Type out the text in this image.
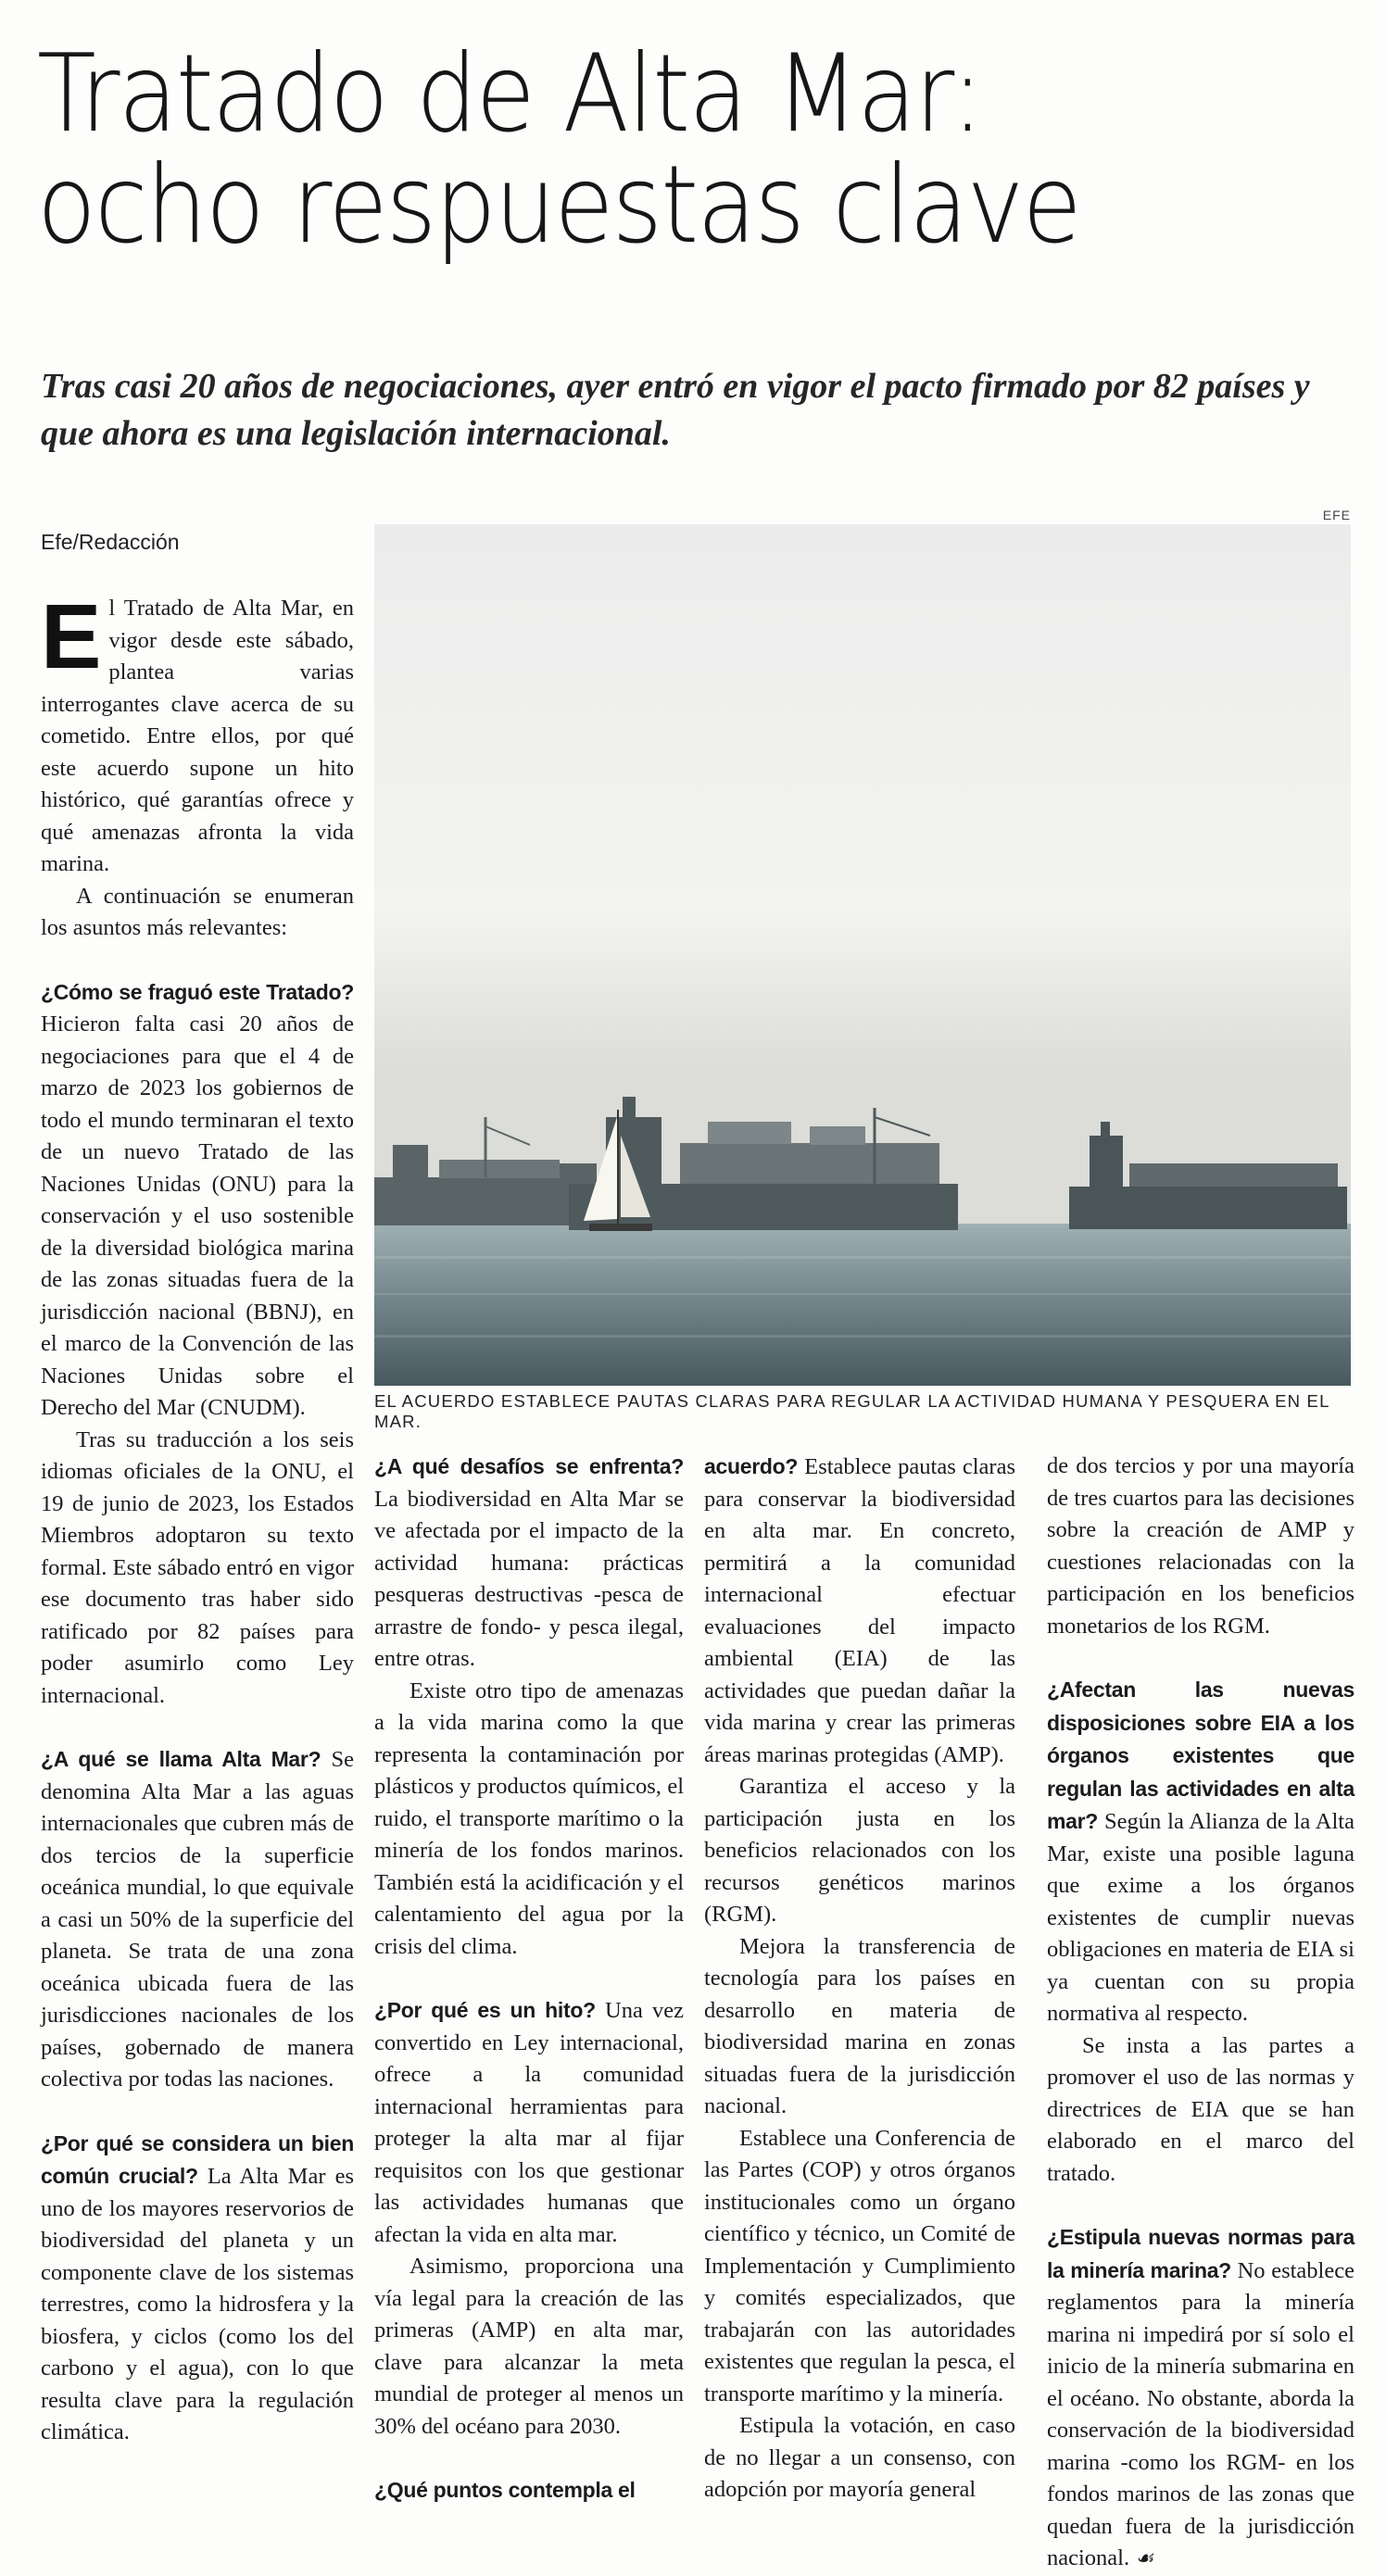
Tratado de Alta Mar:
ocho respuestas clave

Tras casi 20 años de negociaciones, ayer entró en vigor el pacto firmado por 82 países y que ahora es una legislación internacional.

Efe/Redacción

EFE

EL ACUERDO ESTABLECE PAUTAS CLARAS PARA REGULAR LA ACTIVIDAD HUMANA Y PESQUERA EN EL MAR.

El Tratado de Alta Mar, en vigor desde este sábado, plantea varias interrogantes clave acerca de su cometido. Entre ellos, por qué este acuerdo supone un hito histórico, qué garantías ofrece y qué amenazas afronta la vida marina.

A continuación se enumeran los asuntos más relevantes:

¿Cómo se fraguó este Tratado? Hicieron falta casi 20 años de negociaciones para que el 4 de marzo de 2023 los gobiernos de todo el mundo terminaran el texto de un nuevo Tratado de las Naciones Unidas (ONU) para la conservación y el uso sostenible de la diversidad biológica marina de las zonas situadas fuera de la jurisdicción nacional (BBNJ), en el marco de la Convención de las Naciones Unidas sobre el Derecho del Mar (CNUDM).

Tras su traducción a los seis idiomas oficiales de la ONU, el 19 de junio de 2023, los Estados Miembros adoptaron su texto formal. Este sábado entró en vigor ese documento tras haber sido ratificado por 82 países para poder asumirlo como Ley internacional.

¿A qué se llama Alta Mar? Se denomina Alta Mar a las aguas internacionales que cubren más de dos tercios de la superficie oceánica mundial, lo que equivale a casi un 50% de la superficie del planeta. Se trata de una zona oceánica ubicada fuera de las jurisdicciones nacionales de los países, gobernado de manera colectiva por todas las naciones.

¿Por qué se considera un bien común crucial? La Alta Mar es uno de los mayores reservorios de biodiversidad del planeta y un componente clave de los sistemas terrestres, como la hidrosfera y la biosfera, y ciclos (como los del carbono y el agua), con lo que resulta clave para la regulación climática.

¿A qué desafíos se enfrenta? La biodiversidad en Alta Mar se ve afectada por el impacto de la actividad humana: prácticas pesqueras destructivas -pesca de arrastre de fondo- y pesca ilegal, entre otras.

Existe otro tipo de amenazas a la vida marina como la que representa la contaminación por plásticos y productos químicos, el ruido, el transporte marítimo o la minería de los fondos marinos. También está la acidificación y el calentamiento del agua por la crisis del clima.

¿Por qué es un hito? Una vez convertido en Ley internacional, ofrece a la comunidad internacional herramientas para proteger la alta mar al fijar requisitos con los que gestionar las actividades humanas que afectan la vida en alta mar.

Asimismo, proporciona una vía legal para la creación de las primeras (AMP) en alta mar, clave para alcanzar la meta mundial de proteger al menos un 30% del océano para 2030.

¿Qué puntos contempla el

acuerdo? Establece pautas claras para conservar la biodiversidad en alta mar. En concreto, permitirá a la comunidad internacional efectuar evaluaciones del impacto ambiental (EIA) de las actividades que puedan dañar la vida marina y crear las primeras áreas marinas protegidas (AMP).

Garantiza el acceso y la participación justa en los beneficios relacionados con los recursos genéticos marinos (RGM).

Mejora la transferencia de tecnología para los países en desarrollo en materia de biodiversidad marina en zonas situadas fuera de la jurisdicción nacional.

Establece una Conferencia de las Partes (COP) y otros órganos institucionales como un órgano científico y técnico, un Comité de Implementación y Cumplimiento y comités especializados, que trabajarán con las autoridades existentes que regulan la pesca, el transporte marítimo y la minería.

Estipula la votación, en caso de no llegar a un consenso, con adopción por mayoría general

de dos tercios y por una mayoría de tres cuartos para las decisiones sobre la creación de AMP y cuestiones relacionadas con la participación en los beneficios monetarios de los RGM.

¿Afectan las nuevas disposiciones sobre EIA a los órganos existentes que regulan las actividades en alta mar? Según la Alianza de la Alta Mar, existe una posible laguna que exime a los órganos existentes de cumplir nuevas obligaciones en materia de EIA si ya cuentan con su propia normativa al respecto.

Se insta a las partes a promover el uso de las normas y directrices de EIA que se han elaborado en el marco del tratado.

¿Estipula nuevas normas para la minería marina? No establece reglamentos para la minería marina ni impedirá por sí solo el inicio de la minería submarina en el océano. No obstante, aborda la conservación de la biodiversidad marina -como los RGM- en los fondos marinos de las zonas que quedan fuera de la jurisdicción nacional. ☙
